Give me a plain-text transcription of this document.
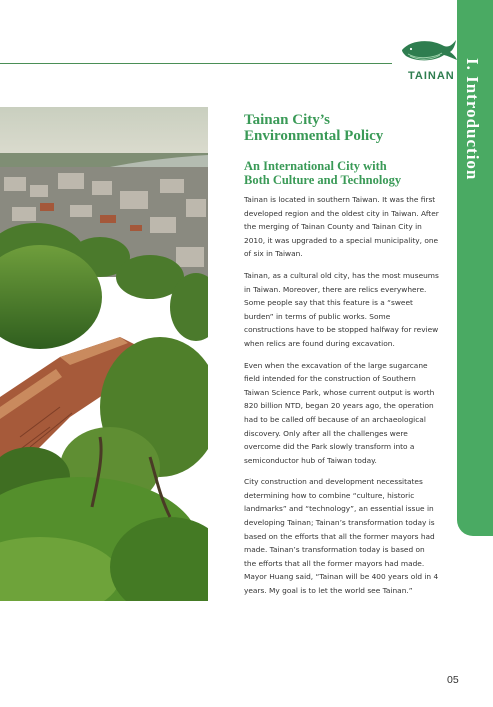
TAINAN I. Introduction
Tainan City’s
Environmental Policy
An International City with
Both Culture and Technology

Tainan is located in southern Taiwan. It was the first developed region and the oldest city in Taiwan. After the merging of Tainan County and Tainan City in 2010, it was upgraded to a special municipality, one of six in Taiwan.

Tainan, as a cultural old city, has the most museums in Taiwan. Moreover, there are relics everywhere. Some people say that this feature is a “sweet burden” in terms of public works. Some constructions have to be stopped halfway for review when relics are found during excavation.

Even when the excavation of the large sugarcane field intended for the construction of Southern Taiwan Science Park, whose current output is worth 820 billion NTD, began 20 years ago, the operation had to be called off because of an archaeological discovery. Only after all the challenges were overcome did the Park slowly transform into a semiconductor hub of Taiwan today.

City construction and development necessitates determining how to combine “culture, historic landmarks” and “technology”, an essential issue in developing Tainan; Tainan’s transformation today is based on the efforts that all the former mayors had made. Tainan’s transformation today is based on the efforts that all the former mayors had made. Mayor Huang said, “Tainan will be 400 years old in 4 years. My goal is to let the world see Tainan.”

05
